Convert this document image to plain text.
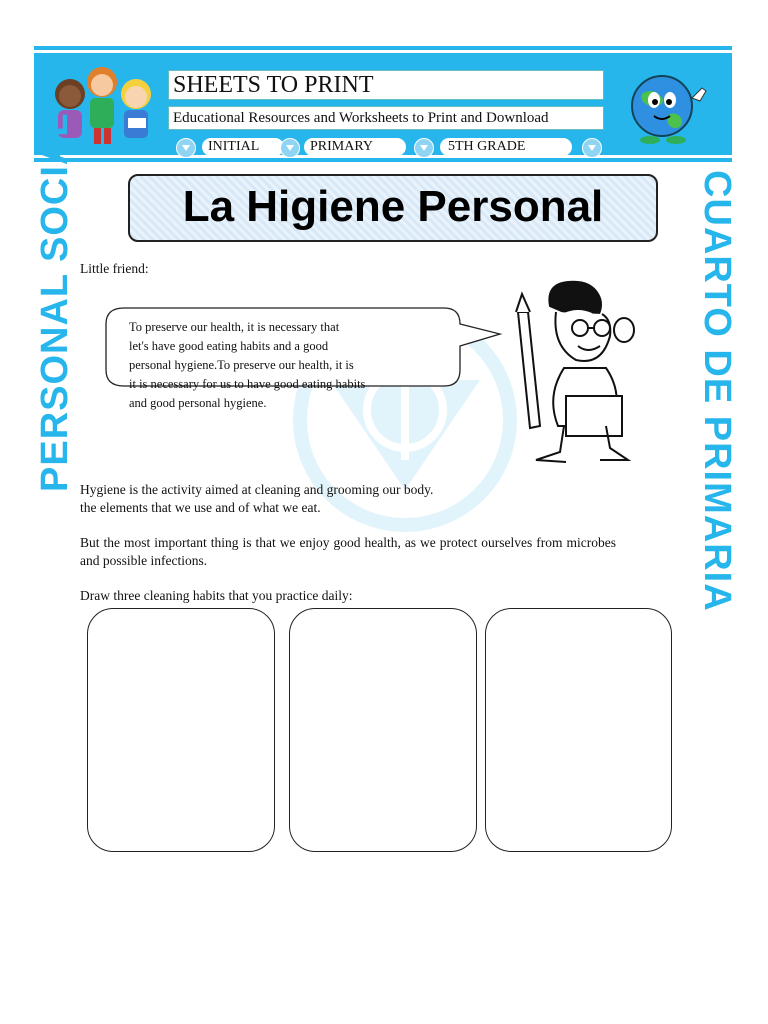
SHEETS TO PRINT
Educational Resources and Worksheets to Print and Download
INITIAL	PRIMARY	5TH GRADE
PERSONAL SOCIAL	CUARTO DE PRIMARIA
La Higiene Personal
Little friend:
To preserve our health, it is necessary that
let's have good eating habits and a good
personal hygiene.To preserve our health, it is
it is necessary for us to have good eating habits
and good personal hygiene.
Hygiene is the activity aimed at cleaning and grooming our body.
the elements that we use and of what we eat.
But the most important thing is that we enjoy good health, as we protect ourselves from microbes and possible infections.
Draw three cleaning habits that you practice daily:
